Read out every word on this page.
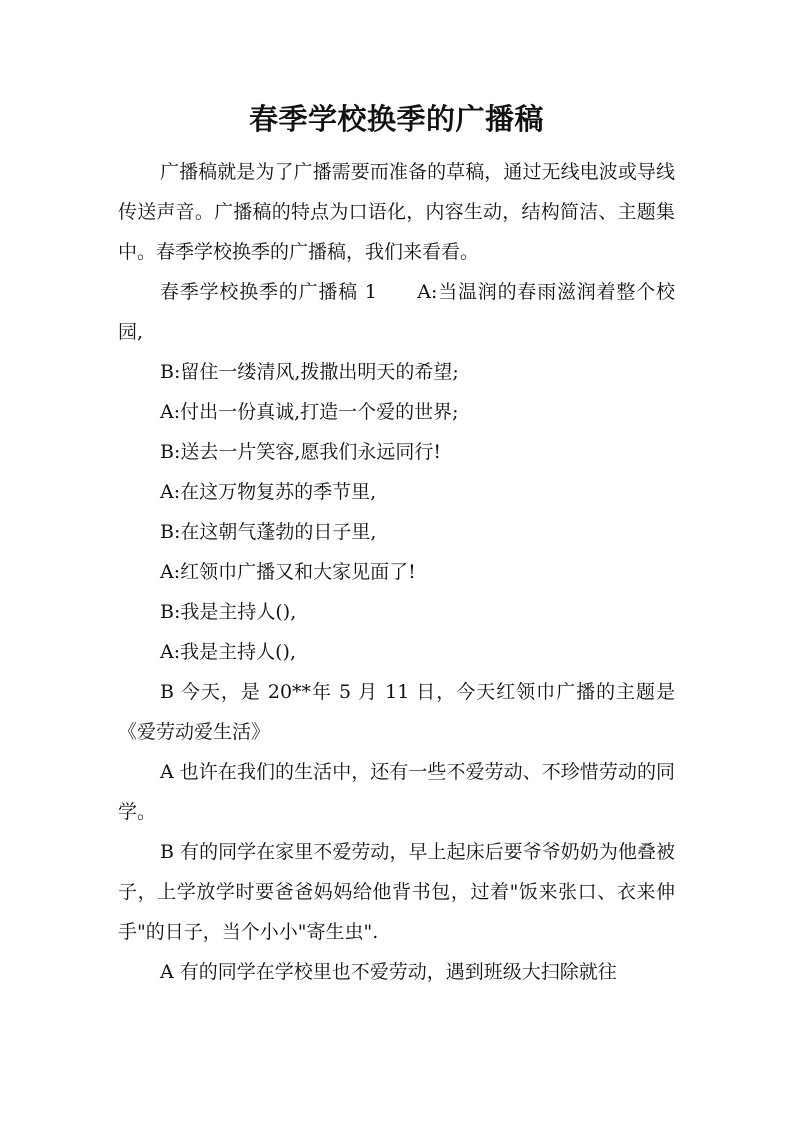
春季学校换季的广播稿

广播稿就是为了广播需要而准备的草稿，通过无线电波或导线传送声音。广播稿的特点为口语化，内容生动，结构简洁、主题集中。春季学校换季的广播稿，我们来看看。

春季学校换季的广播稿 1　　A:当温润的春雨滋润着整个校园,

B:留住一缕清风,拨撒出明天的希望;

A:付出一份真诚,打造一个爱的世界;

B:送去一片笑容,愿我们永远同行!

A:在这万物复苏的季节里,

B:在这朝气蓬勃的日子里,

A:红领巾广播又和大家见面了!

B:我是主持人(),

A:我是主持人(),

B 今天，是 20**年 5 月 11 日，今天红领巾广播的主题是《爱劳动爱生活》

A 也许在我们的生活中，还有一些不爱劳动、不珍惜劳动的同学。

B 有的同学在家里不爱劳动，早上起床后要爷爷奶奶为他叠被子，上学放学时要爸爸妈妈给他背书包，过着"饭来张口、衣来伸手"的日子，当个小小"寄生虫".

A 有的同学在学校里也不爱劳动，遇到班级大扫除就往
